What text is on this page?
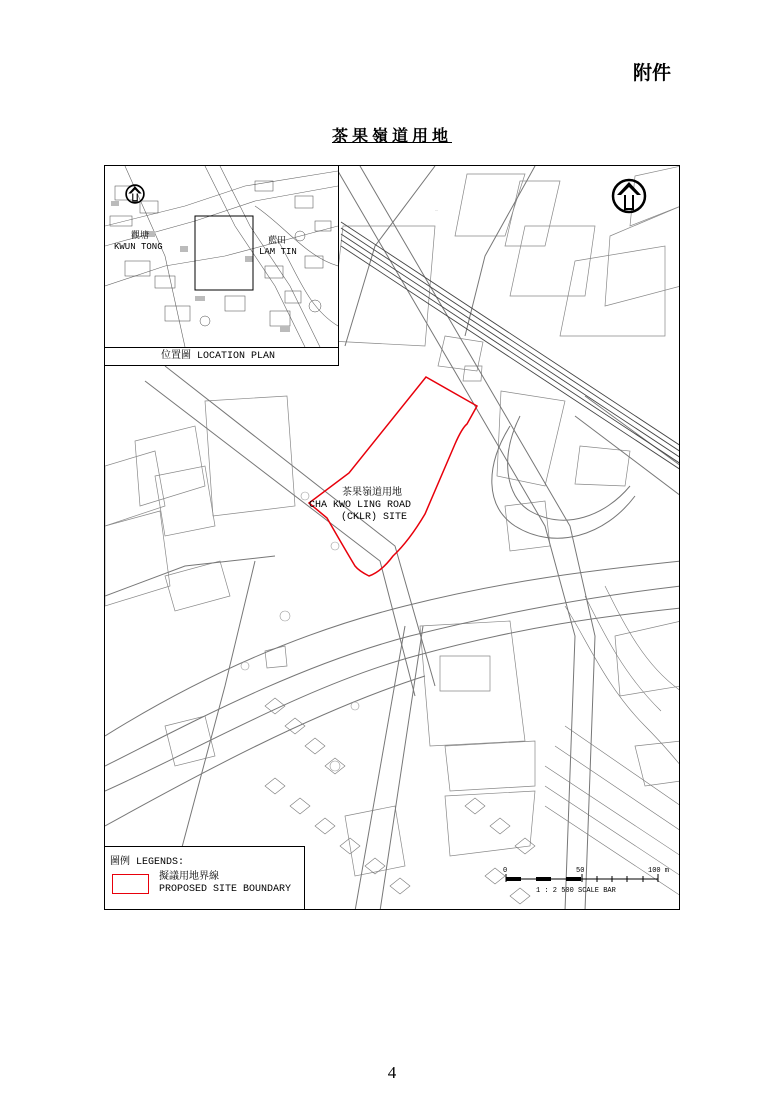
附件
茶果嶺道用地
...
茶果嶺道用地
CHA KWO LING ROAD
(CKLR) SITE
0	50	100 m
1 : 2 500 SCALE BAR
觀塘
KWUN TONG
藍田
LAM TIN
位置圖 LOCATION PLAN
圖例 LEGENDS:
擬議用地界線
PROPOSED SITE BOUNDARY
4
